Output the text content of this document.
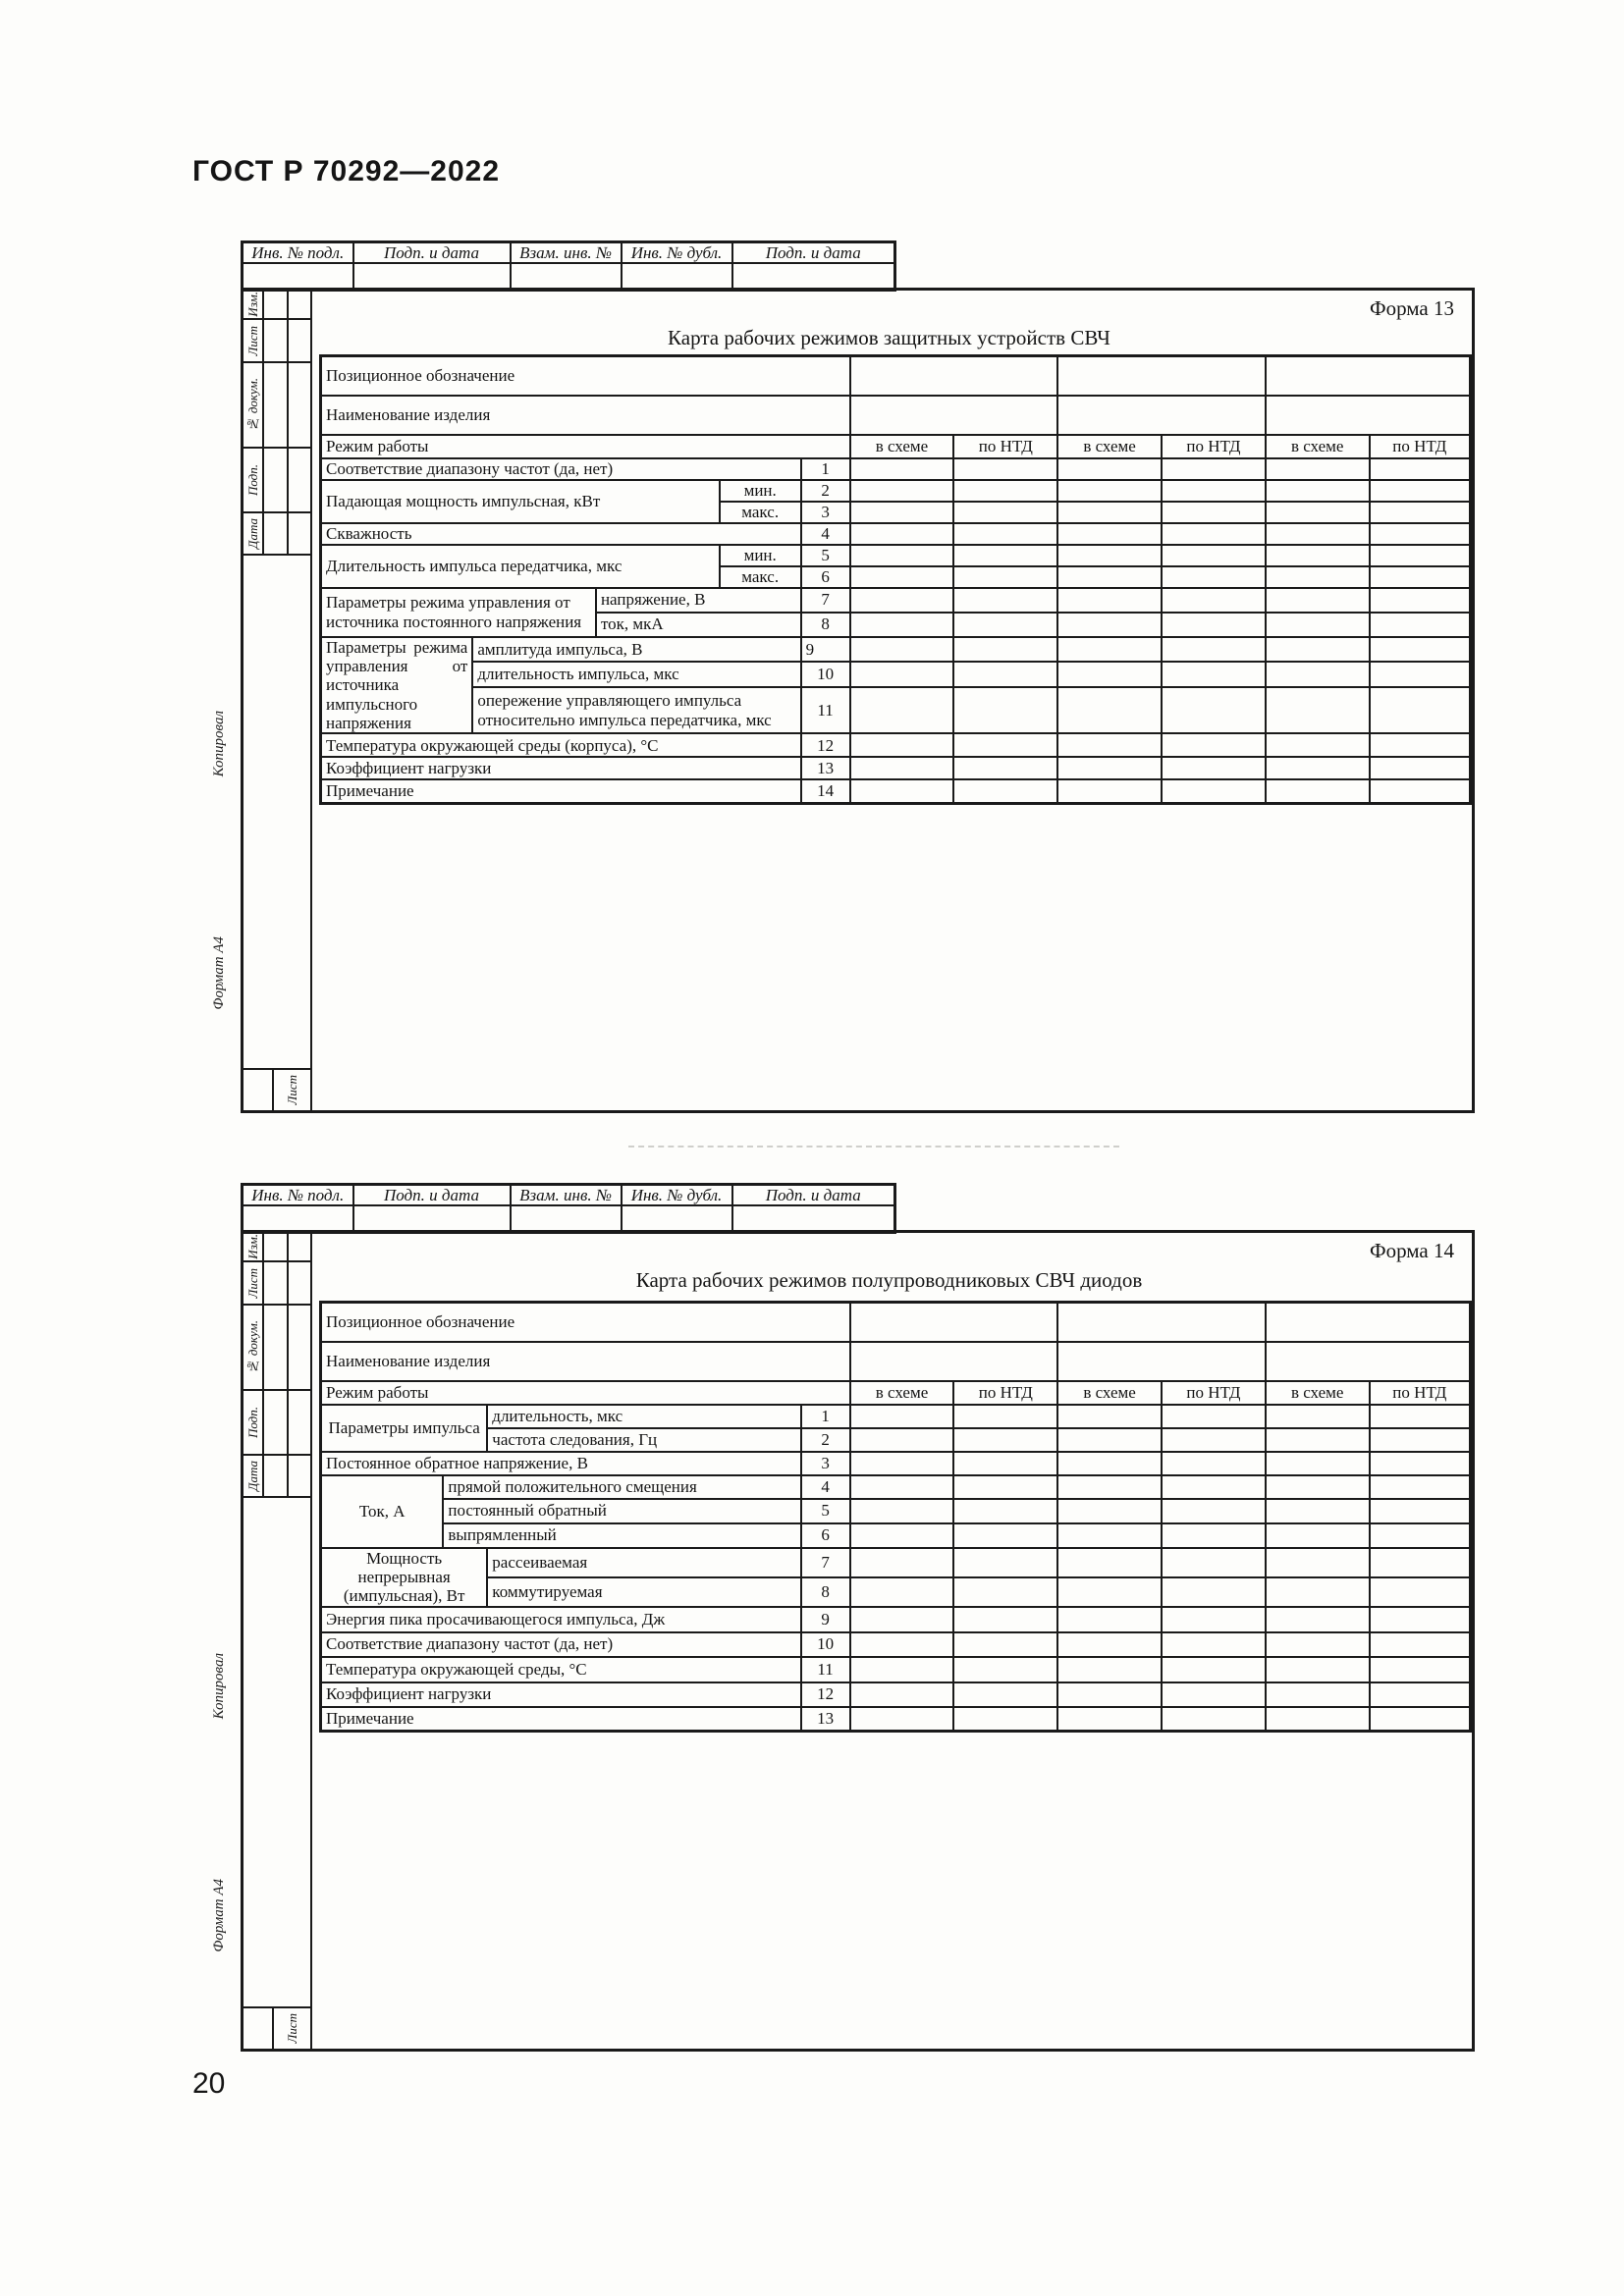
ГОСТ Р 70292—2022
Инв. № подл.	Подп. и дата	Взам. инв. №	Инв. № дубл.	Подп. и дата

Изм.
Лист
№ докум.
Подп.
Дата
Лист
Форма 13
Карта рабочих режимов защитных устройств СВЧ
Позиционное обозначение										
Наименование изделия										
Режим работы					в схеме	по НТД	в схеме	по НТД	в схеме	по НТД
Соответствие диапазону частот (да, нет)				1						
Падающая мощность импульсная, кВт			мин.	2						
			макс.	3						
Скважность				4						
Длительность импульса передатчика, мкс			мин.	5						
			макс.	6						
Параметры режима управления от источника постоянного напряжения		напряжение, В		7						
		ток, мкА		8						
Параметры режима управления от источника импульсного напряжения	амплитуда импульса, В			9						
	длительность импульса, мкс			10						
	опережение управляющего импульса относительно импульса передатчика, мкс			11						
Температура окружающей среды (корпуса), °С				12						
Коэффициент нагрузки				13						
Примечание				14						
Копировал
Формат А4
Инв. № подл.	Подп. и дата	Взам. инв. №	Инв. № дубл.	Подп. и дата

Изм.
Лист
№ докум.
Подп.
Дата
Лист
Форма 14
Карта рабочих режимов полупроводниковых СВЧ диодов
Позиционное обозначение									
Наименование изделия									
Режим работы				в схеме	по НТД	в схеме	по НТД	в схеме	по НТД
Параметры импульса		длительность, мкс	1						
		частота следования, Гц	2						
Постоянное обратное напряжение, В			3						
Ток, А	прямой положительного смещения		4						
	постоянный обратный		5						
	выпрямленный		6						
Мощность непрерывная (импульсная), Вт		рассеиваемая	7						
		коммутируемая	8						
Энергия пика просачивающегося импульса, Дж			9						
Соответствие диапазону частот (да, нет)			10						
Температура окружающей среды, °С			11						
Коэффициент нагрузки			12						
Примечание			13						
Копировал
Формат А4
20
